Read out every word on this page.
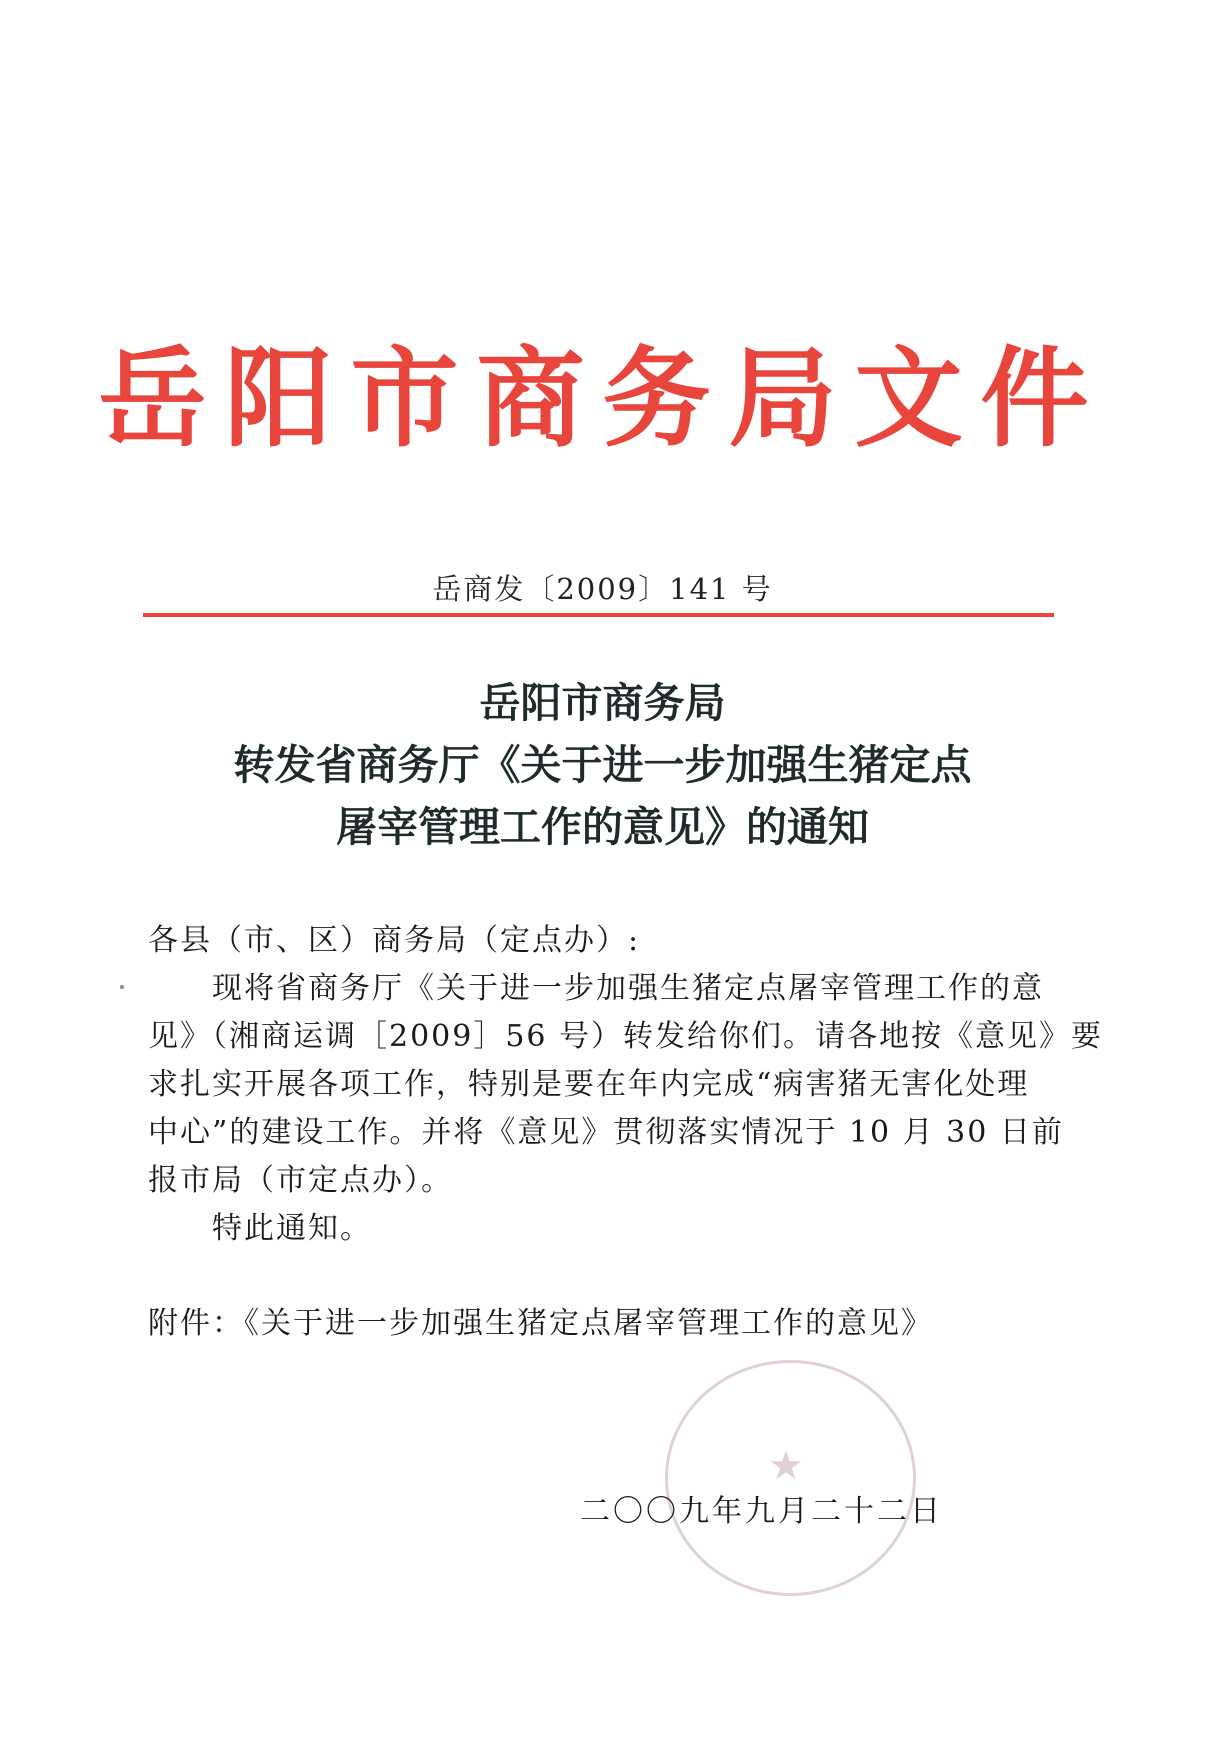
岳阳市商务局文件
岳商发〔2009〕141 号
岳阳市商务局
转发省商务厅《关于进一步加强生猪定点
屠宰管理工作的意见》的通知
各县（市、区）商务局（定点办）:
　　现将省商务厅《关于进一步加强生猪定点屠宰管理工作的意
见》（湘商运调［2009］56 号）转发给你们。请各地按《意见》要
求扎实开展各项工作，特别是要在年内完成“病害猪无害化处理
中心”的建设工作。并将《意见》贯彻落实情况于 10 月 30 日前
报市局（市定点办）。
　　特此通知。
附件：《关于进一步加强生猪定点屠宰管理工作的意见》
★
二〇〇九年九月二十二日
